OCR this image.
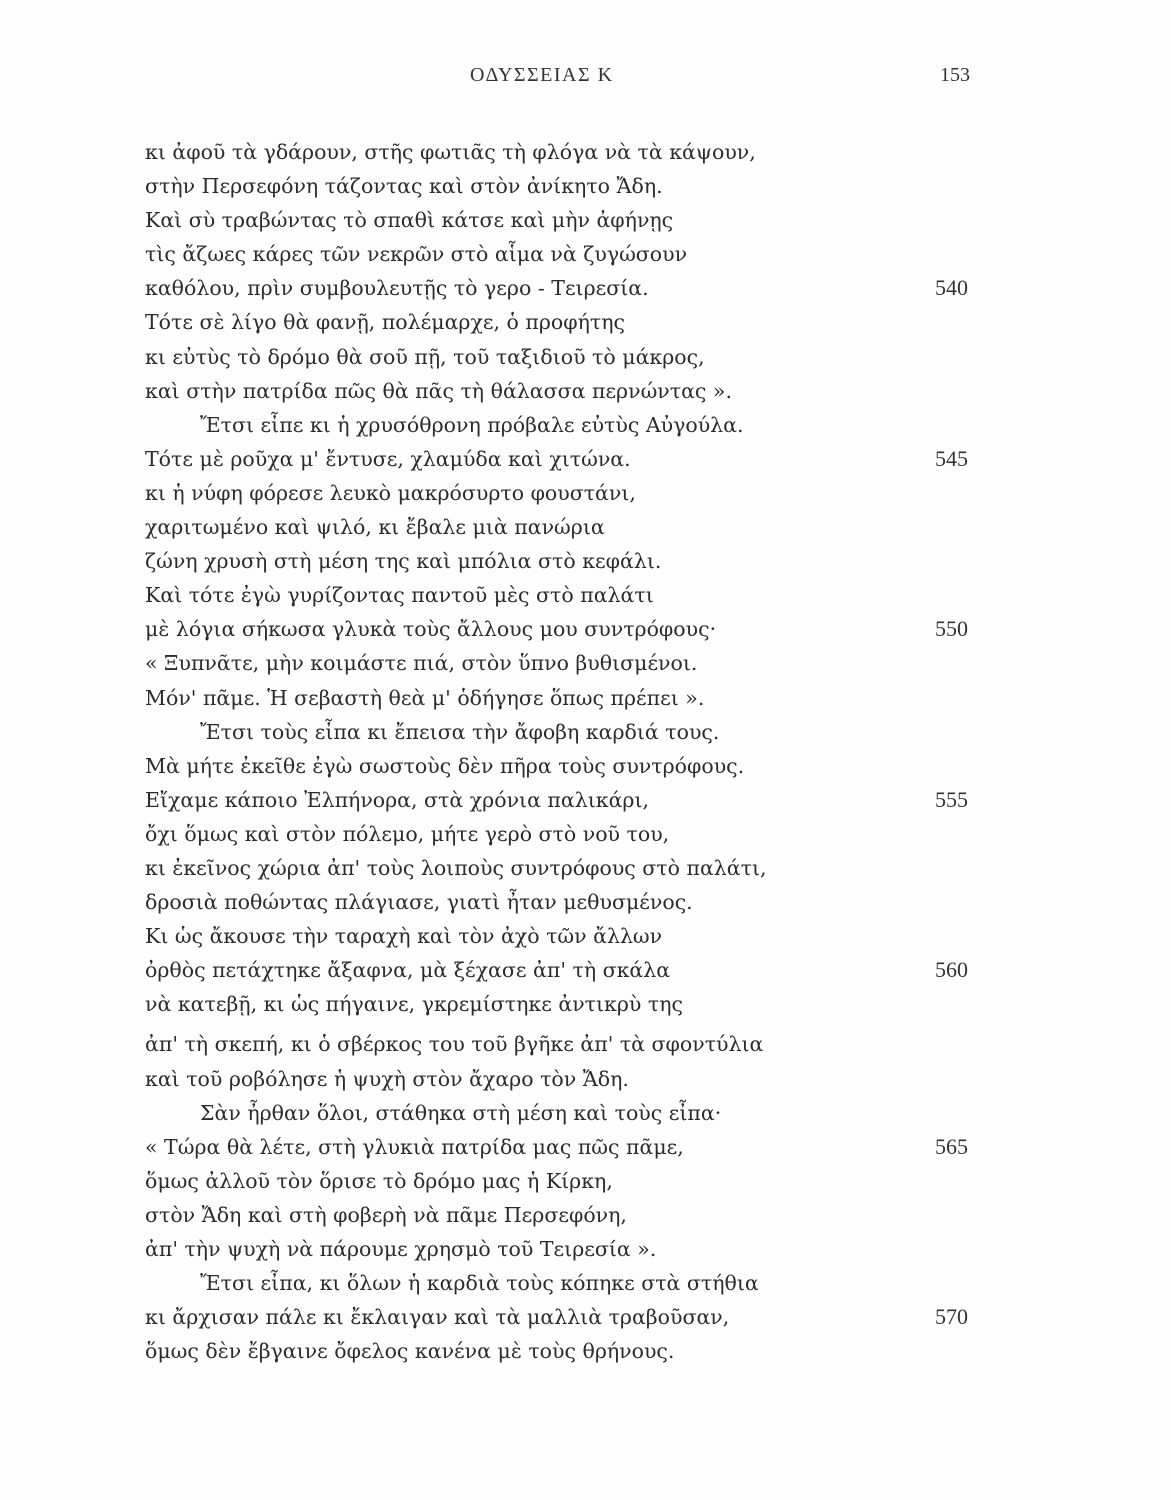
ΟΔΥΣΣΕΙΑΣ Κ	153
κι ἀφοῦ τὰ γδάρουν, στῆς φωτιᾶς τὴ φλόγα νὰ τὰ κάψουν,
στὴν Περσεφόνη τάζοντας καὶ στὸν ἀνίκητο Ἄδη.
Καὶ σὺ τραβώντας τὸ σπαθὶ κάτσε καὶ μὴν ἀφήνῃς
τὶς ἄζωες κάρες τῶν νεκρῶν στὸ αἷμα νὰ ζυγώσουν
καθόλου, πρὶν συμβουλευτῇς τὸ γερο - Τειρεσία.	540
Τότε σὲ λίγο θὰ φανῇ, πολέμαρχε, ὁ προφήτης
κι εὐτὺς τὸ δρόμο θὰ σοῦ πῇ, τοῦ ταξιδιοῦ τὸ μάκρος,
καὶ στὴν πατρίδα πῶς θὰ πᾶς τὴ θάλασσα περνώντας ».
Ἔτσι εἶπε κι ἡ χρυσόθρονη πρόβαλε εὐτὺς Αὐγούλα.
Τότε μὲ ροῦχα μ' ἔντυσε, χλαμύδα καὶ χιτώνα.	545
κι ἡ νύφη φόρεσε λευκὸ μακρόσυρτο φουστάνι,
χαριτωμένο καὶ ψιλό, κι ἔβαλε μιὰ πανώρια
ζώνη χρυσὴ στὴ μέση της καὶ μπόλια στὸ κεφάλι.
Καὶ τότε ἐγὼ γυρίζοντας παντοῦ μὲς στὸ παλάτι
μὲ λόγια σήκωσα γλυκὰ τοὺς ἄλλους μου συντρόφους·	550
« Ξυπνᾶτε, μὴν κοιμάστε πιά, στὸν ὕπνο βυθισμένοι.
Μόν' πᾶμε. Ἡ σεβαστὴ θεὰ μ' ὁδήγησε ὅπως πρέπει ».
Ἔτσι τοὺς εἶπα κι ἔπεισα τὴν ἄφοβη καρδιά τους.
Μὰ μήτε ἐκεῖθε ἐγὼ σωστοὺς δὲν πῆρα τοὺς συντρόφους.
Εἴχαμε κάποιο Ἐλπήνορα, στὰ χρόνια παλικάρι,	555
ὄχι ὅμως καὶ στὸν πόλεμο, μήτε γερὸ στὸ νοῦ του,
κι ἐκεῖνος χώρια ἀπ' τοὺς λοιποὺς συντρόφους στὸ παλάτι,
δροσιὰ ποθώντας πλάγιασε, γιατὶ ἦταν μεθυσμένος.
Κι ὡς ἄκουσε τὴν ταραχὴ καὶ τὸν ἀχὸ τῶν ἄλλων
ὀρθὸς πετάχτηκε ἄξαφνα, μὰ ξέχασε ἀπ' τὴ σκάλα	560
νὰ κατεβῇ, κι ὡς πήγαινε, γκρεμίστηκε ἀντικρὺ της
ἀπ' τὴ σκεπή, κι ὁ σβέρκος του τοῦ βγῆκε ἀπ' τὰ σφοντύλια
καὶ τοῦ ροβόλησε ἡ ψυχὴ στὸν ἄχαρο τὸν Ἄδη.
Σὰν ἦρθαν ὅλοι, στάθηκα στὴ μέση καὶ τοὺς εἶπα·
« Τώρα θὰ λέτε, στὴ γλυκιὰ πατρίδα μας πῶς πᾶμε,	565
ὅμως ἀλλοῦ τὸν ὅρισε τὸ δρόμο μας ἡ Κίρκη,
στὸν Ἄδη καὶ στὴ φοβερὴ νὰ πᾶμε Περσεφόνη,
ἀπ' τὴν ψυχὴ νὰ πάρουμε χρησμὸ τοῦ Τειρεσία ».
Ἔτσι εἶπα, κι ὅλων ἡ καρδιὰ τοὺς κόπηκε στὰ στήθια
κι ἄρχισαν πάλε κι ἔκλαιγαν καὶ τὰ μαλλιὰ τραβοῦσαν,	570
ὅμως δὲν ἔβγαινε ὄφελος κανένα μὲ τοὺς θρήνους.
